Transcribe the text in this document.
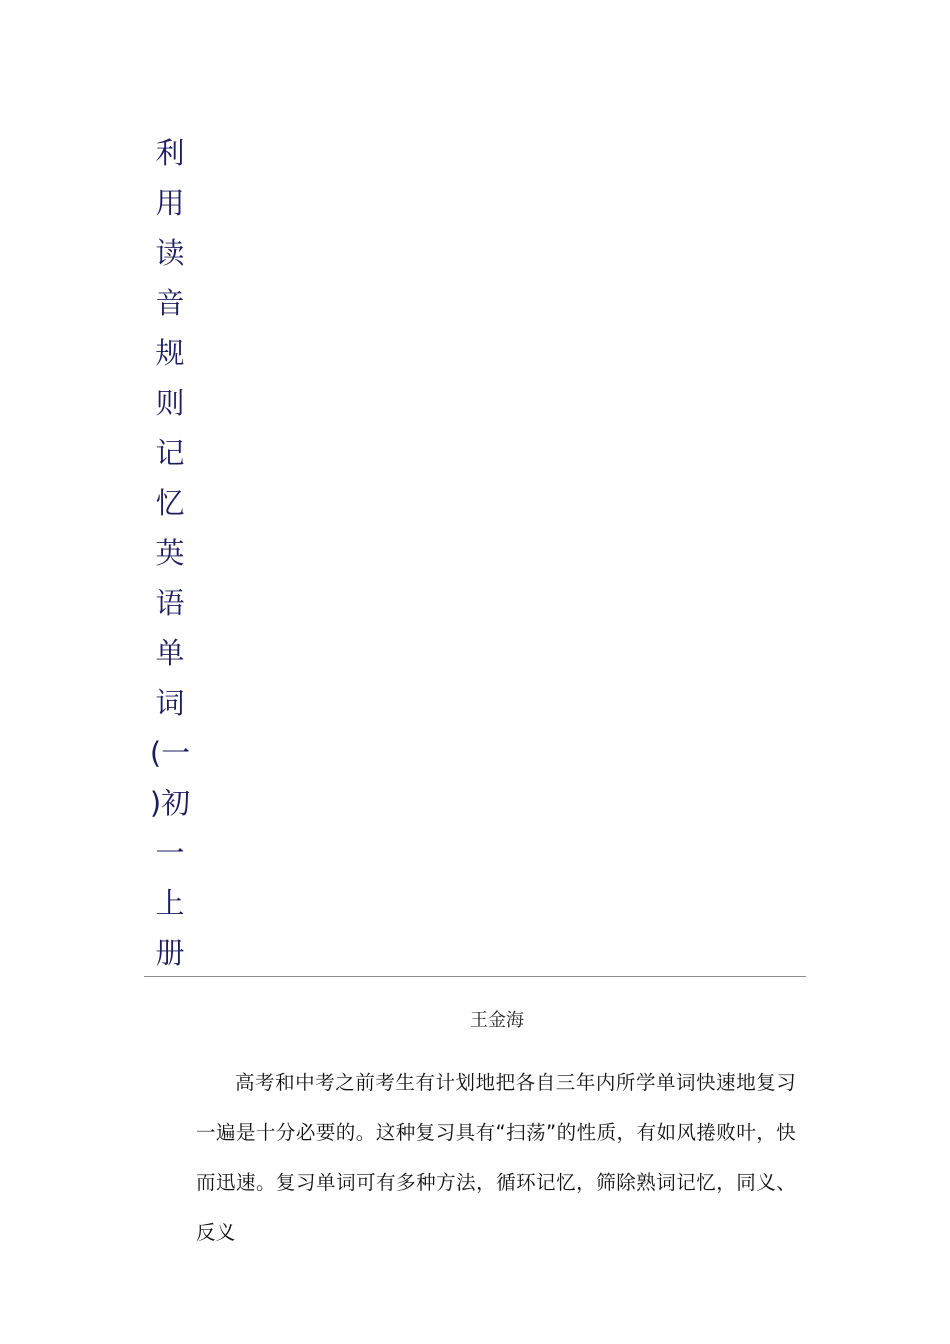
利
用
读
音
规
则
记
忆
英
语
单
词
(一
)初
一
上
册
王金海

高考和中考之前考生有计划地把各自三年内所学单词快速地复习一遍是十分必要的。这种复习具有“扫荡”的性质，有如风捲败叶，快而迅速。复习单词可有多种方法，循环记忆，筛除熟词记忆，同义、反义
